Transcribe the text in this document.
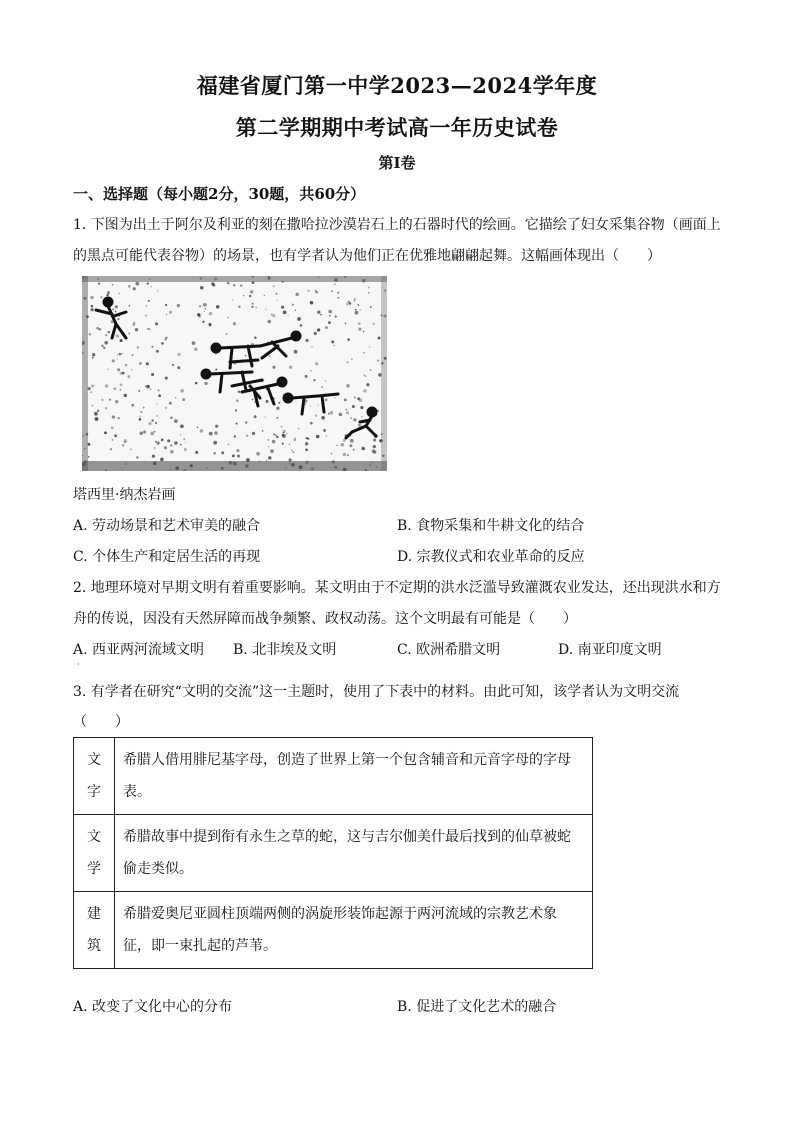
福建省厦门第一中学2023—2024学年度
第二学期期中考试高一年历史试卷
第Ⅰ卷
一、选择题（每小题2分，30题，共60分）
1. 下图为出土于阿尔及利亚的刻在撒哈拉沙漠岩石上的石器时代的绘画。它描绘了妇女采集谷物（画面上
的黑点可能代表谷物）的场景，也有学者认为他们正在优雅地翩翩起舞。这幅画体现出（　　）
塔西里·纳杰岩画
A. 劳动场景和艺术审美的融合	B. 食物采集和牛耕文化的结合
C. 个体生产和定居生活的再现	D. 宗教仪式和农业革命的反应
2. 地理环境对早期文明有着重要影响。某文明由于不定期的洪水泛滥导致灌溉农业发达，还出现洪水和方
舟的传说，因没有天然屏障而战争频繁、政权动荡。这个文明最有可能是（　　）
A. 西亚两河流域文明 B. 北非埃及文明	C. 欧洲希腊文明	D. 南亚印度文明
·
3. 有学者在研究“文明的交流”这一主题时，使用了下表中的材料。由此可知，该学者认为文明交流
（　　）
文
字	希腊人借用腓尼基字母，创造了世界上第一个包含辅音和元音字母的字母表。
文
学	希腊故事中提到衔有永生之草的蛇，这与吉尔伽美什最后找到的仙草被蛇偷走类似。
建
筑	希腊爱奥尼亚圆柱顶端两侧的涡旋形装饰起源于两河流域的宗教艺术象征，即一束扎起的芦苇。
A. 改变了文化中心的分布	B. 促进了文化艺术的融合
